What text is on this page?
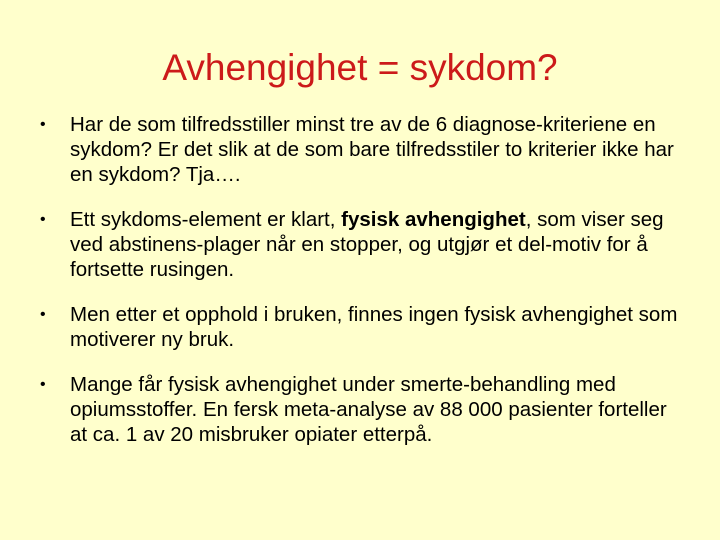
Avhengighet = sykdom?
• Har de som tilfredsstiller minst tre av de 6 diagnose-kriteriene en sykdom? Er det slik at de som bare tilfredsstiler to kriterier ikke har en sykdom? Tja….
• Ett sykdoms-element er klart, fysisk avhengighet, som viser seg ved abstinens-plager når en stopper, og utgjør et del-motiv for å fortsette rusingen.
• Men etter et opphold i bruken, finnes ingen fysisk avhengighet som motiverer ny bruk.
• Mange får fysisk avhengighet under smerte-behandling med opiumsstoffer. En fersk meta-analyse av 88 000 pasienter forteller at ca. 1 av 20 misbruker opiater etterpå.
